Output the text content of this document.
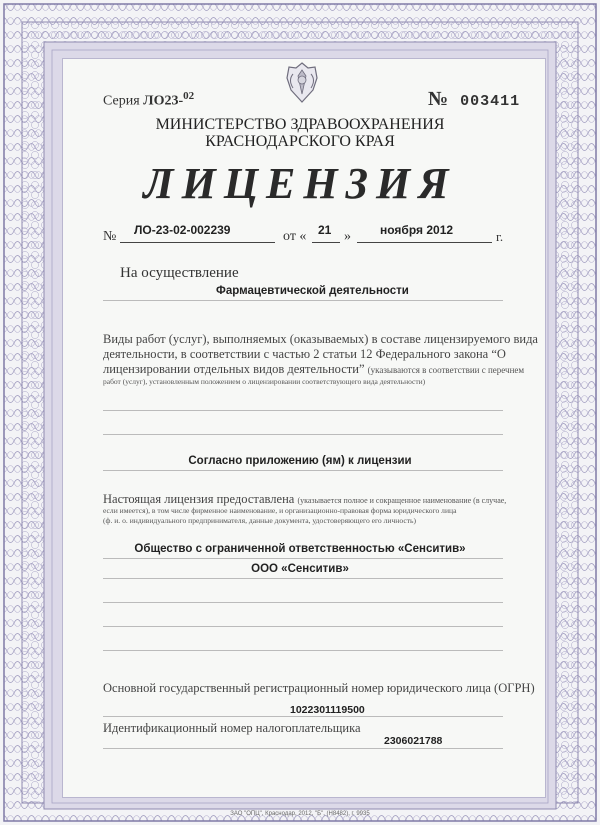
Серия ЛО23-$^{02}$	№ 003411
МИНИСТЕРСТВО ЗДРАВООХРАНЕНИЯ
КРАСНОДАРСКОГО КРАЯ
ЛИЦЕНЗИЯ
№ ЛО-23-02-002239	от « 21 » ноября 2012	г.
На осуществление
Фармацевтической деятельности
Виды работ (услуг), выполняемых (оказываемых) в составе лицензируемого вида
деятельности, в соответствии с частью 2 статьи 12 Федерального закона “О
лицензировании отдельных видов деятельности” (указываются в соответствии с перечнем
работ (услуг), установленным положением о лицензировании соответствующего вида деятельности)
Согласно приложению (ям) к лицензии
Настоящая лицензия предоставлена (указывается полное и сокращенное наименование (в случае,
если имеется), в том числе фирменное наименование, и организационно-правовая форма юридического лица
(ф. и. о. индивидуального предпринимателя, данные документа, удостоверяющего его личность)
Общество с ограниченной ответственностью «Сенситив»
ООО «Сенситив»
Основной государственный регистрационный номер юридического лица (ОГРН)
1022301119500
Идентификационный номер налогоплательщика
2306021788
ЗАО "ОПЦ", Краснодар, 2012, "Б", (Н8482), г. 9935
